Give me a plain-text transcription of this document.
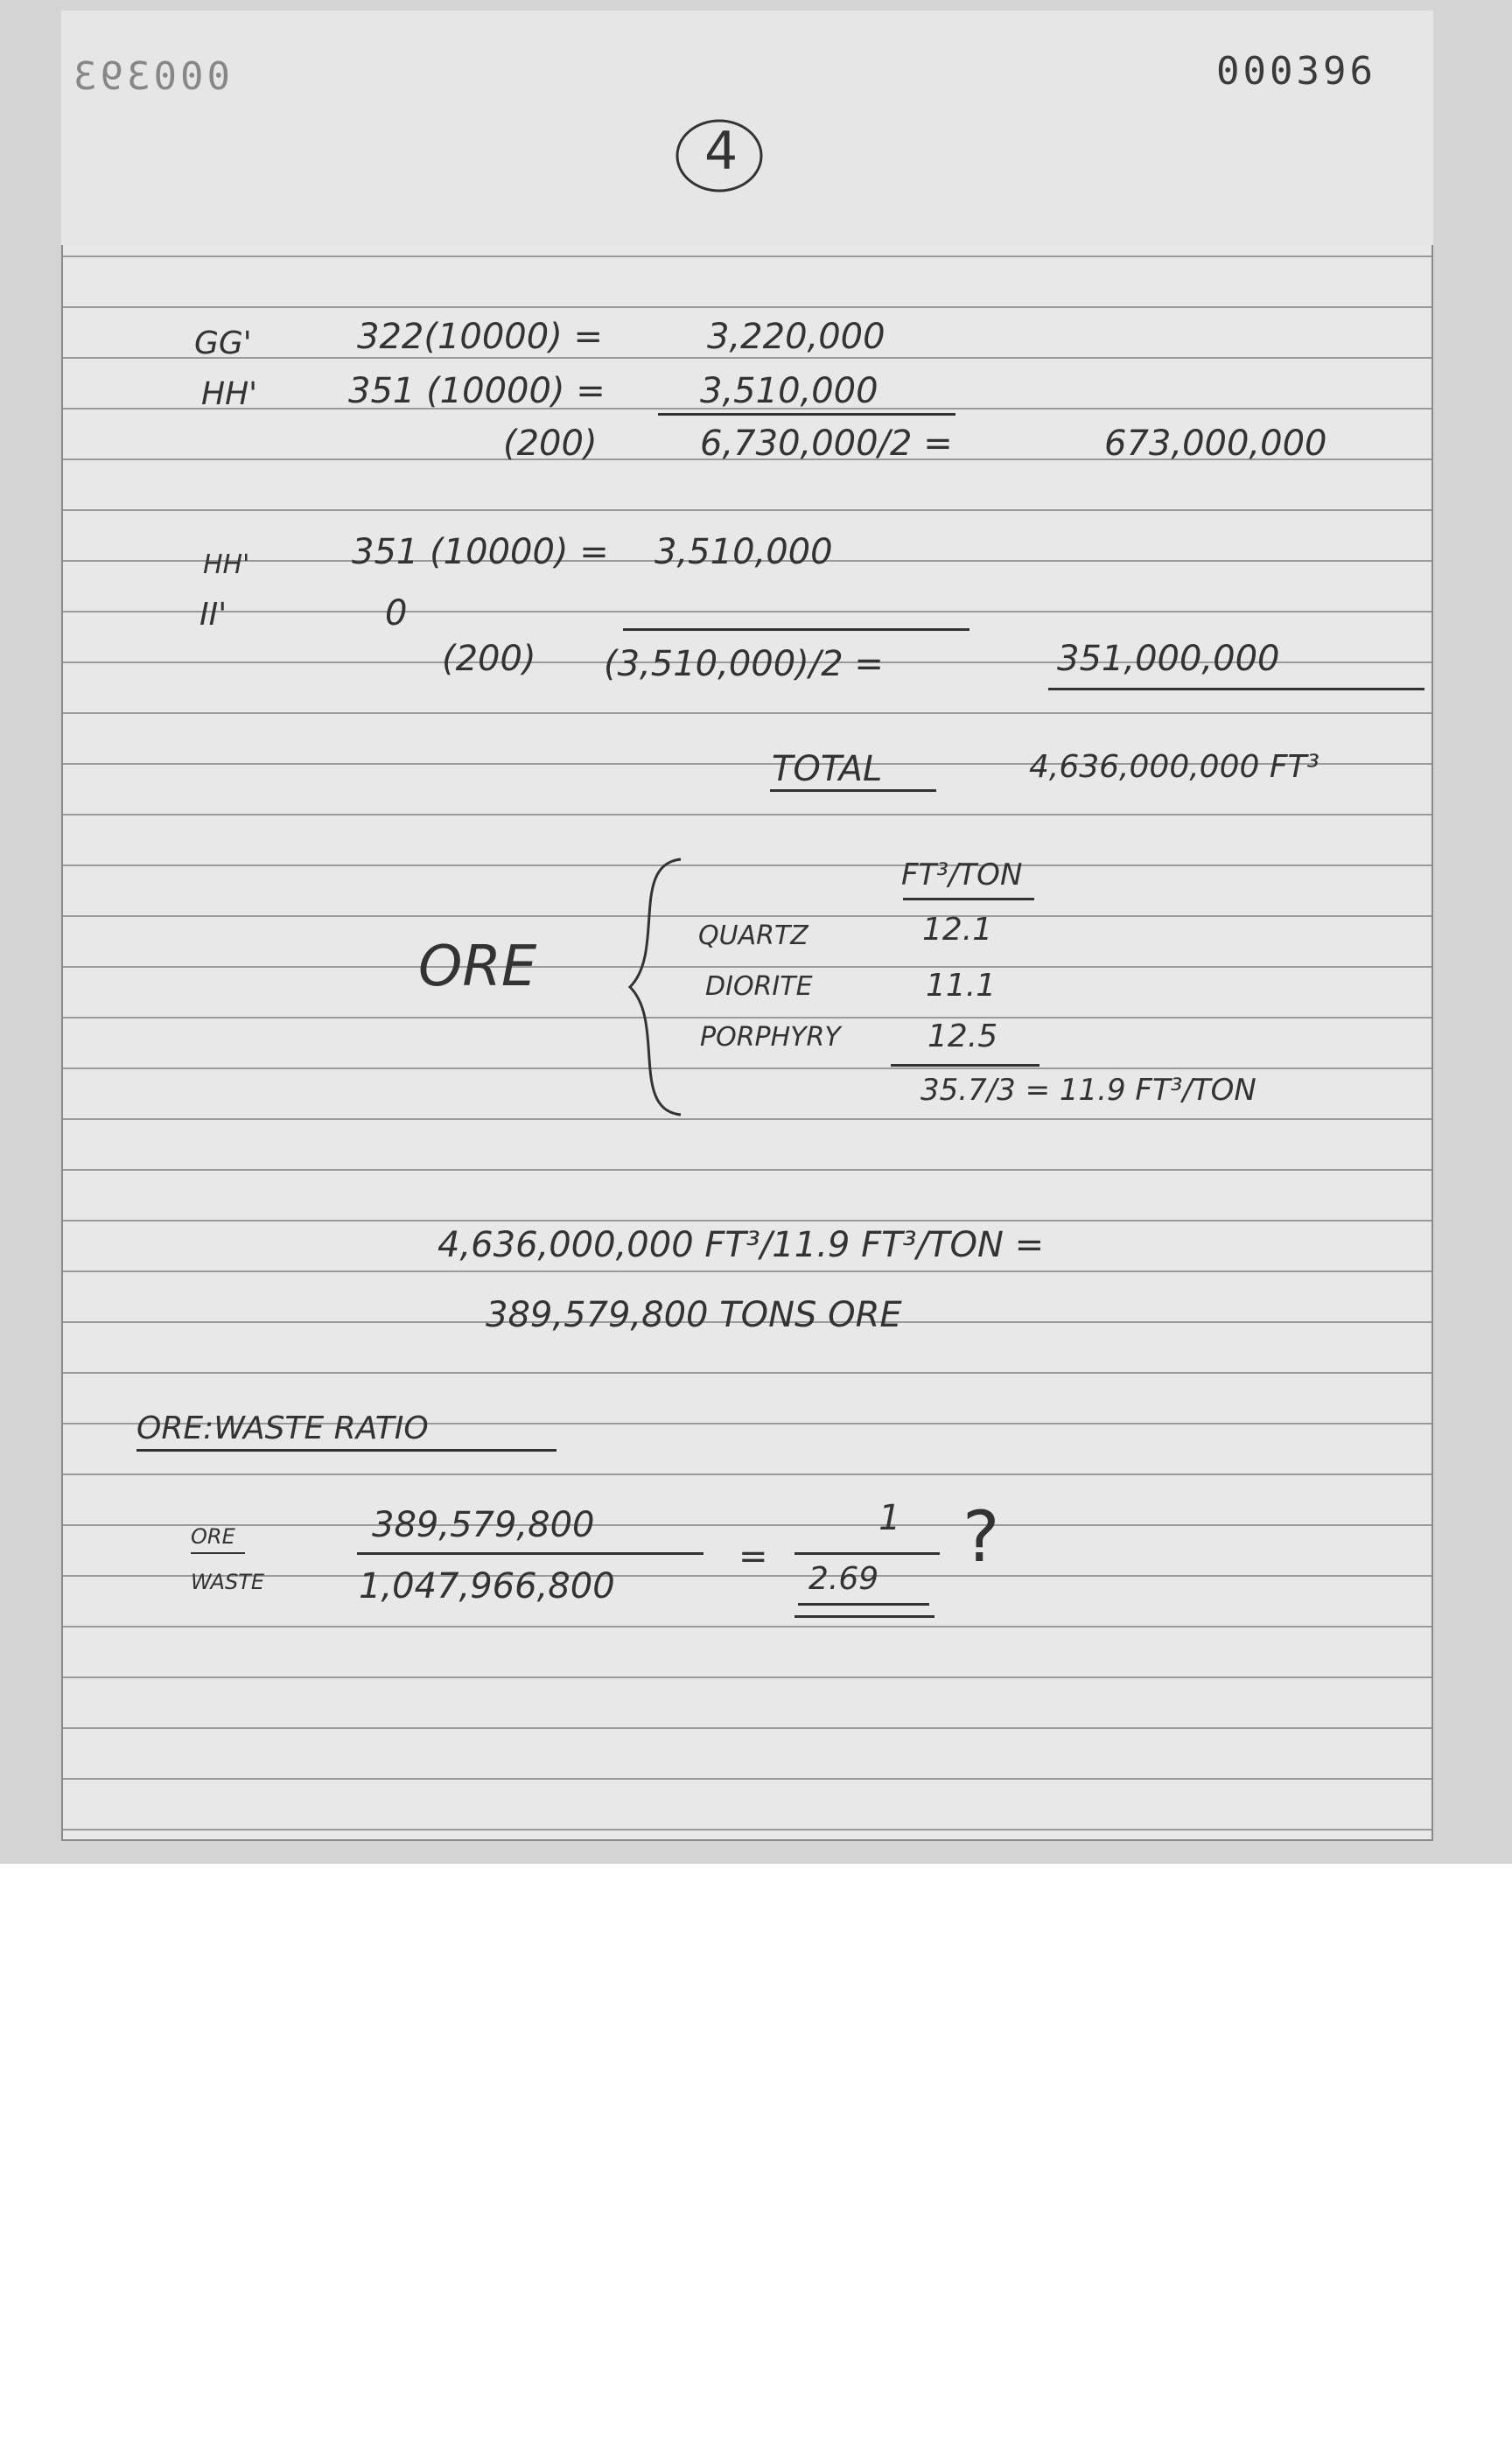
000393	000396
4
GG'	322(10000) =	3,220,000
HH'	351 (10000) =	3,510,000
(200)	6,730,000/2 =	673,000,000
HH'	351 (10000) = 3,510,000
II'	0
(200) (3,510,000)/2 =	351,000,000
TOTAL	4,636,000,000 FT³
ORE
FT³/TON
QUARTZ	12.1
DIORITE	11.1
PORPHYRY	12.5
35.7/3 = 11.9 FT³/TON
4,636,000,000 FT³/11.9 FT³/TON =
389,579,800 TONS ORE
ORE:WASTE RATIO
ORE
WASTE
389,579,800
1,047,966,800
=
1
2.69
?
